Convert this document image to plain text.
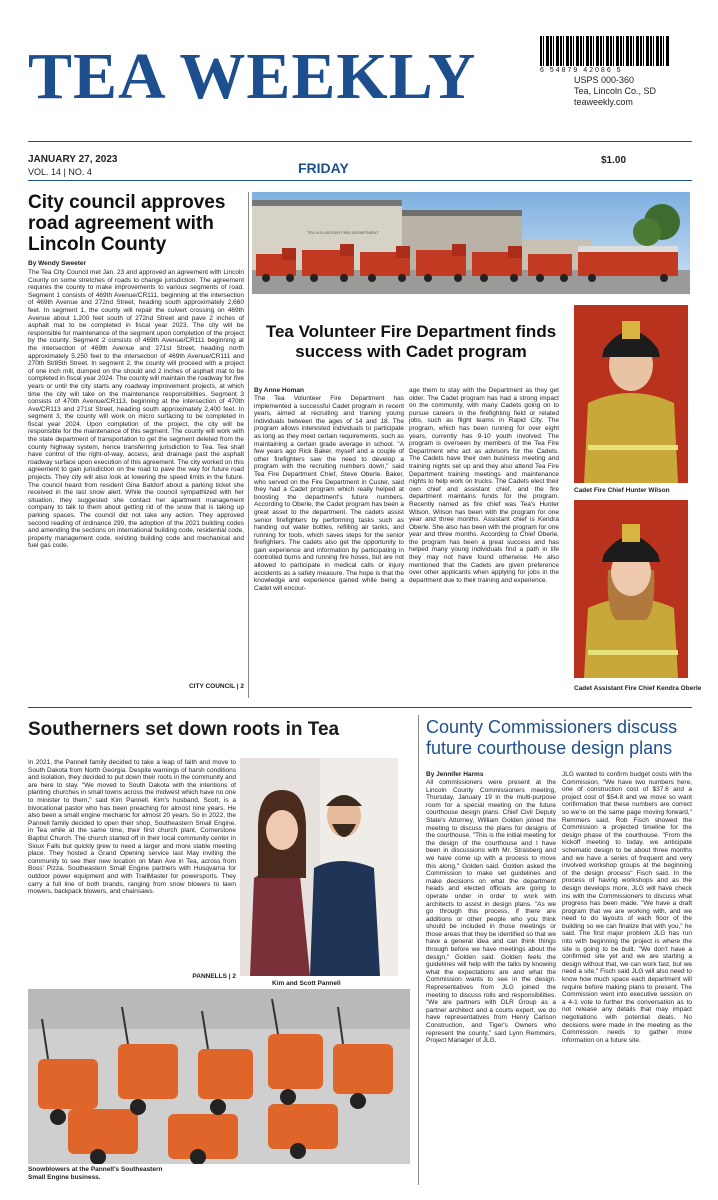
6 54879 42086 5
TEA WEEKLY	USPS 000-360
Tea, Lincoln Co., SD
teaweekly.com
JANUARY 27, 2023
VOL. 14 | NO. 4	FRIDAY	$1.00
City council approves road agreement with Lincoln County
By Wendy Sweeter
The Tea City Council met Jan. 23 and approved an agreement with Lincoln County on some stretches of roads to change jurisdiction. The agreement requires the county to make improvements to various segments of road. Segment 1 consists of 469th Avenue/CR111, beginning at the intersection of 469th Avenue and 272nd Street, heading south approximately 2,660 feet. In segment 1, the county will repair the culvert crossing on 469th Avenue about 1,200 feet south of 272nd Street and pave 2 inches of asphalt mat to be completed in fiscal year 2023. The city will be responsible for maintenance of the segment upon completion of the project by the county. Segment 2 consists of 469th Avenue/CR111 beginning at the intersection of 469th Avenue and 271st Street, heading north approximately 5,250 feet to the intersection of 469th Avenue/CR111 and 270th St/85th Street. In segment 2, the county will proceed with a project of one inch mill, dumped on the should and 2 inches of asphalt mat to be completed in fiscal year 2024. The county will maintain the roadway for five years or until the city starts any roadway improvement projects, at which time the city will take on the maintenance responsibilities. Segment 3 consists of 470th Avenue/CR113, beginning at the intersection of 470th Ave/CR113 and 271st Street, heading south approximately 2,400 feet. In segment 3, the county will work on micro surfacing to be completed in fiscal year 2024. Upon completion of the project, the city will be responsible for the maintenance of this segment. The county will work with the state department of transportation to get the segment deleted from the county highway system, hence transferring jurisdiction to Tea. Tea shall have control of the right-of-way, access, and drainage past the asphalt roadway surface upon execution of this agreement. The city worked on this agreement to gain jurisdiction on the road to pave the way for future road projects. They city will also look at lowering the speed limits in the future. The council heard from resident Gina Batdorf about a parking ticket she received in the last snow alert. While the council sympathized with her situation, they suggested she contact her apartment management company to talk to them about getting rid of the snow that is taking up parking spaces. The council did not take any action. They approved second reading of ordinance 299, the adoption of the 2021 building codes and amending the sections on international building code, residential code, property management code, existing building code and mechanical and fuel gas code.
CITY COUNCIL | 2
TEA VOLUNTEER FIRE DEPARTMENT
Tea Volunteer Fire Department finds success with Cadet program
By Anne Homan
The Tea Volunteer Fire Department has implemented a successful Cadet program in recent years, aimed at recruiting and training young individuals between the ages of 14 and 18. The program allows interested individuals to participate as long as they meet certain requirements, such as maintaining a certain grade average in school. "A few years ago Rick Baker, myself and a couple of other firefighters saw the need to develop a program with the recruiting numbers down," said Tea Fire Department Chief, Steve Oberle. Baker, who served on the Fire Department in Custer, said they had a Cadet program which really helped at boosting the department's future numbers. According to Oberle, the Cadet program has been a great asset to the department. The cadets assist senior firefighters by performing tasks such as handing out water bottles, refilling air tanks, and running for tools, which saves steps for the senior firefighters. The cadets also get the opportunity to gain experience and information by participating in controlled burns and running fire hoses, but are not allowed to participate in medical calls or injury accidents as a safety measure. The hope is that the knowledge and experience gained while being a Cadet will encour-
age them to stay with the Department as they get older. The Cadet program has had a strong impact on the community, with many Cadets going on to pursue careers in the firefighting field or related jobs, such as flight teams in Rapid City. The program, which has been running for over eight years, currently has 9-10 youth involved. The program is overseen by members of the Tea Fire Department who act as advisors for the Cadets. The Cadets have their own business meeting and training nights set up and they also attend Tea Fire Department training meetings and maintenance nights to help work on trucks. The Cadets elect their own chief and assistant chief, and the fire department maintains funds for the program. Recently named as fire chief was Tea's Hunter Wilson. Wilson has been with the program for one year and three months. Assistant chief is Kendra Oberle. She also has been with the program for one year and three months. According to Chief Oberle, the program has been a great success and has helped many young individuals find a path in life they may not have found otherwise. He also mentioned that the Cadets are given preference over other applicants when applying for jobs in the department due to their training and experience.
Cadet Fire Chief Hunter Wilson
Cadet Assistant Fire Chief Kendra Oberle
Southerners set down roots in Tea
In 2021, the Pannell family decided to take a leap of faith and move to South Dakota from North Georgia. Despite warnings of harsh conditions and isolation, they decided to put down their roots in the community and are here to stay. "We moved to South Dakota with the intentions of planting churches in small towns across the midwest which have no one to minister to them," said Kim Pannell. Kim's husband, Scott, is a bivocational pastor who has been preaching for almost nine years. He also been a small engine mechanic for almost 20 years. So in 2022, the Pannell family decided to open their shop, Southeastern Small Engine, in Tea while at the same time, their first church plant, Cornerstone Baptist Church. The church started off in their local community center in Sioux Falls but quickly grew to need a larger and more stable meeting place. They hosted a Grand Opening service last May inviting the community to see their new location on Main Ave in Tea, across from Boss' Pizza. Southeastern Small Engine partners with Husqvarna for outdoor power equipment and with TrailMaster for powersports. They carry a full line of both brands, ranging from snow blowers to lawn mowers, backpack blowers, and chainsaws.
PANNELLS | 2
Kim and Scott Pannell
Snowblowers at the Pannell's Southeastern Small Engine business.
County Commissioners discuss future courthouse design plans
By Jennifer Harms
All commissioners were present at the Lincoln County Commissioners meeting, Thursday, January 19 in the multi-purpose room for a special meeting on the future courthouse design plans. Chief Civil Deputy State's Attorney, William Golden joined the meeting to discuss the plans for designs of the courthouse. "This is the initial meeting for the design of the courthouse and I have been in discussions with Mr. Strasberg and we have come up with a process to move this along," Golden said. Golden asked the Commission to make set guidelines and make decisions on what the department heads and elected officials are going to operate under in order to work with architects to assist in design plans. "As we go through this process, if there are additions or other people who you think should be included in those meetings or those areas that they be identified so that we have a general idea and can think things through before we have meetings about the design," Golden said. Golden feels the guidelines will help with the talks by knowing what the expectations are and what the Commission wants to see in the design. Representatives from JLG joined the meeting to discuss rolls and responsibilities. "We are partners with DLR Group as a partner architect and a courts expert, we do have representatives from Henry Carlson Construction, and Tiger's Owners who represent the county," said Lynn Remmers, Project Manager of JLG.
JLG wanted to confirm budget costs with the Commission, "We have two numbers here, one of construction cost of $37.6 and a project cost of $54.8 and we move so want confirmation that these numbers are correct so we're on the same page moving forward," Remmers said. Rob Fisch showed the Commission a projected timeline for the design phase of the courthouse. "From the kickoff meeting to today, we anticipate schematic design to be about three months and we have a series of frequent and very involved workshop groups at the beginning of the design process" Fisch said. In the process of having workshops and as the design develops more, JLG will have check ins with the Commissioners to discuss what progress has been made. "We have a draft program that we are working with, and we need to do layouts of each floor of the building so we can finalize that with you," he said. The first major problem JLG has run into with beginning the project is where the site is going to be built. "We don't have a confirmed site yet and we are starting a design without that, we can work fast, but we need a site," Fisch said JLG will also need to know how much space each department will require before making plans to present. The Commission went into executive session on a 4-1 vote to further the conversation as to not release any details that may impact negotiations with potential deals. No decisions were made in the meeting as the Commission needs to gather more information on a future site.
